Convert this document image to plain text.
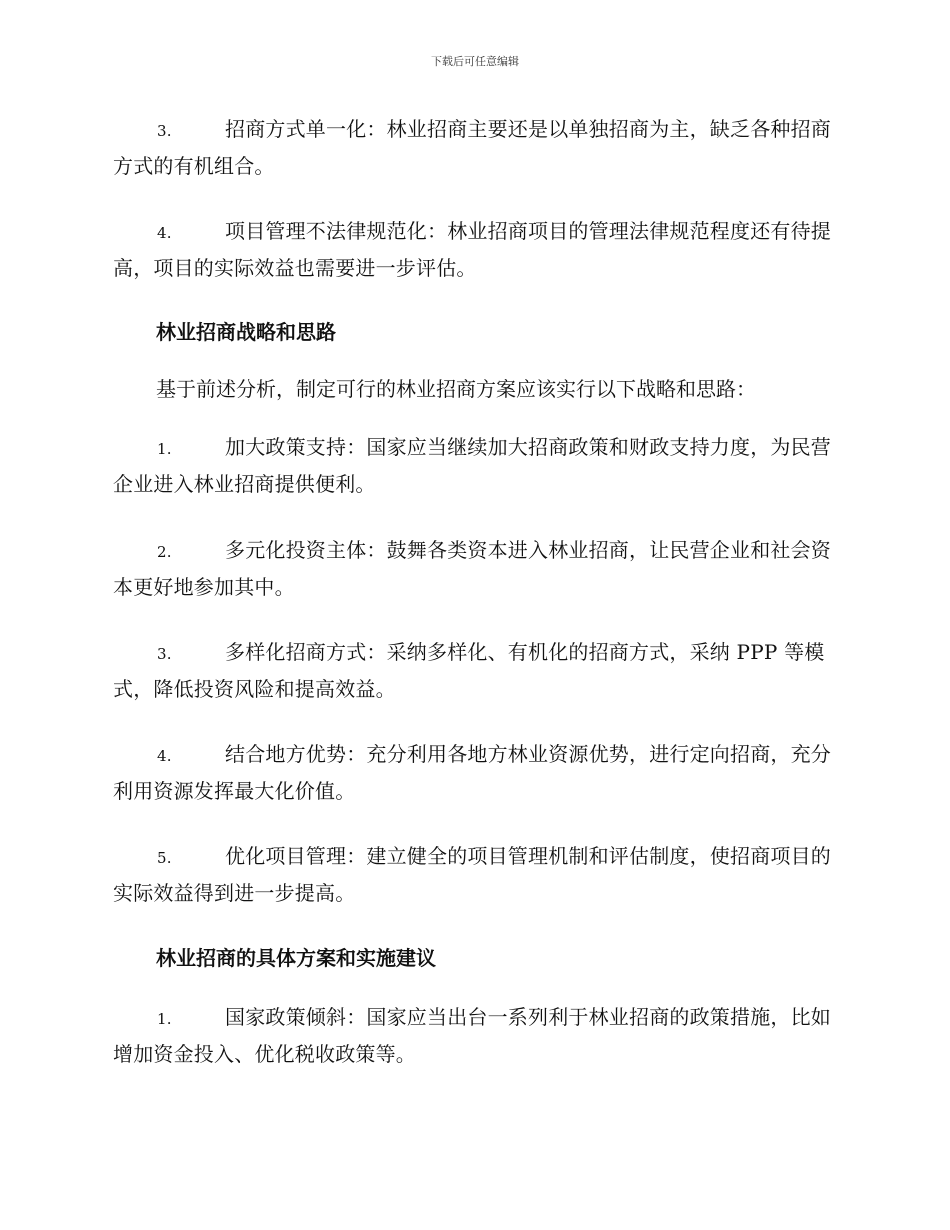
下载后可任意编辑
3.	招商方式单一化：林业招商主要还是以单独招商为主，缺乏各种招商方式的有机组合。
4.	项目管理不法律规范化：林业招商项目的管理法律规范程度还有待提高，项目的实际效益也需要进一步评估。
林业招商战略和思路
基于前述分析，制定可行的林业招商方案应该实行以下战略和思路：
1.	加大政策支持：国家应当继续加大招商政策和财政支持力度，为民营企业进入林业招商提供便利。
2.	多元化投资主体：鼓舞各类资本进入林业招商，让民营企业和社会资本更好地参加其中。
3.	多样化招商方式：采纳多样化、有机化的招商方式，采纳 PPP 等模式，降低投资风险和提高效益。
4.	结合地方优势：充分利用各地方林业资源优势，进行定向招商，充分利用资源发挥最大化价值。
5.	优化项目管理：建立健全的项目管理机制和评估制度，使招商项目的实际效益得到进一步提高。
林业招商的具体方案和实施建议
1.	国家政策倾斜：国家应当出台一系列利于林业招商的政策措施，比如增加资金投入、优化税收政策等。
